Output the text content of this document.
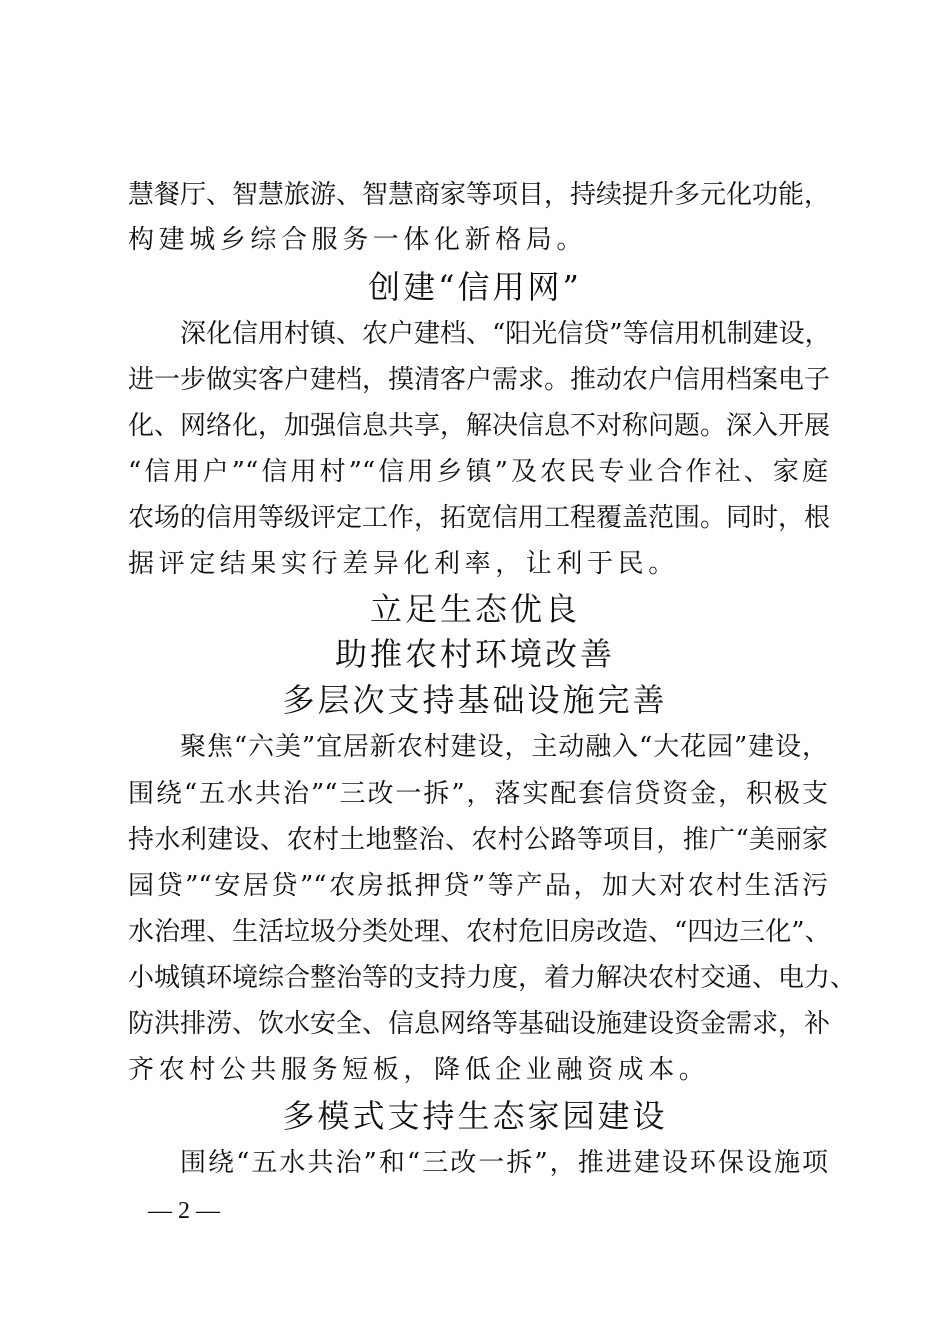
慧餐厅、智慧旅游、智慧商家等项目，持续提升多元化功能，

构建城乡综合服务一体化新格局。

创建“信用网”

深化信用村镇、农户建档、“阳光信贷”等信用机制建设，

进一步做实客户建档，摸清客户需求。推动农户信用档案电子

化、网络化，加强信息共享，解决信息不对称问题。深入开展

“信用户”“信用村”“信用乡镇”及农民专业合作社、家庭

农场的信用等级评定工作，拓宽信用工程覆盖范围。同时，根

据评定结果实行差异化利率，让利于民。

立足生态优良
助推农村环境改善
多层次支持基础设施完善

聚焦“六美”宜居新农村建设，主动融入“大花园”建设，

围绕“五水共治”“三改一拆”，落实配套信贷资金，积极支

持水利建设、农村土地整治、农村公路等项目，推广“美丽家

园贷”“安居贷”“农房抵押贷”等产品，加大对农村生活污

水治理、生活垃圾分类处理、农村危旧房改造、“四边三化”、

小城镇环境综合整治等的支持力度，着力解决农村交通、电力、

防洪排涝、饮水安全、信息网络等基础设施建设资金需求，补

齐农村公共服务短板，降低企业融资成本。

多模式支持生态家园建设

围绕“五水共治”和“三改一拆”，推进建设环保设施项

— 2 —
